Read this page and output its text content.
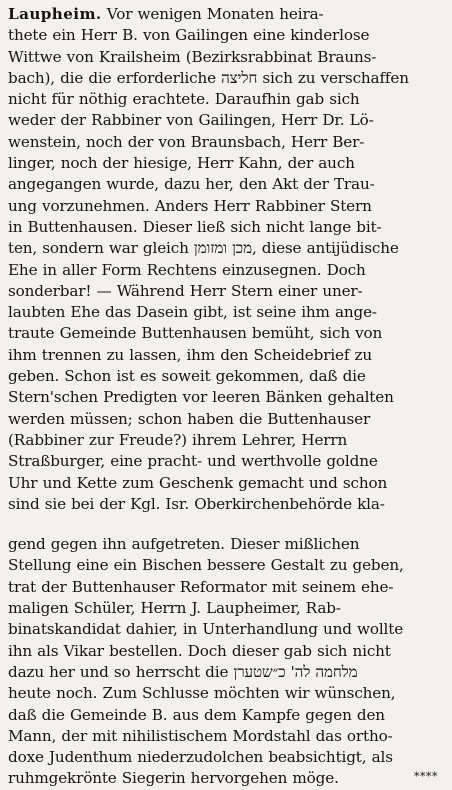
Laupheim. Vor wenigen Monaten heira-
thete ein Herr B. von Gailingen eine kinderlose
Wittwe von Krailsheim (Bezirksrabbinat Brauns-
bach), die die erforderliche חליצה sich zu verschaffen
nicht für nöthig erachtete. Daraufhin gab sich
weder der Rabbiner von Gailingen, Herr Dr. Lö-
wenstein, noch der von Braunsbach, Herr Ber-
linger, noch der hiesige, Herr Kahn, der auch
angegangen wurde, dazu her, den Akt der Trau-
ung vorzunehmen. Anders Herr Rabbiner Stern
in Buttenhausen. Dieser ließ sich nicht lange bit-
ten, sondern war gleich מכן ומזומן, diese antijüdische
Ehe in aller Form Rechtens einzusegnen. Doch
sonderbar! — Während Herr Stern einer uner-
laubten Ehe das Dasein gibt, ist seine ihm ange-
traute Gemeinde Buttenhausen bemüht, sich von
ihm trennen zu lassen, ihm den Scheidebrief zu
geben. Schon ist es soweit gekommen, daß die
Stern'schen Predigten vor leeren Bänken gehalten
werden müssen; schon haben die Buttenhauser
(Rabbiner zur Freude?) ihrem Lehrer, Herrn
Straßburger, eine pracht- und werthvolle goldne
Uhr und Kette zum Geschenk gemacht und schon
sind sie bei der Kgl. Isr. Oberkirchenbehörde kla-
gend gegen ihn aufgetreten. Dieser mißlichen
Stellung eine ein Bischen bessere Gestalt zu geben,
trat der Buttenhauser Reformator mit seinem ehe-
maligen Schüler, Herrn J. Laupheimer, Rab-
binatskandidat dahier, in Unterhandlung und wollte
ihn als Vikar bestellen. Doch dieser gab sich nicht
dazu her und so herrscht die מלחמה לה' כ״שטערן
heute noch. Zum Schlusse möchten wir wünschen,
daß die Gemeinde B. aus dem Kampfe gegen den
Mann, der mit nihilistischem Mordstahl das ortho-
doxe Judenthum niederzudolchen beabsichtigt, als
ruhmgekrönte Siegerin hervorgehen möge.	****
